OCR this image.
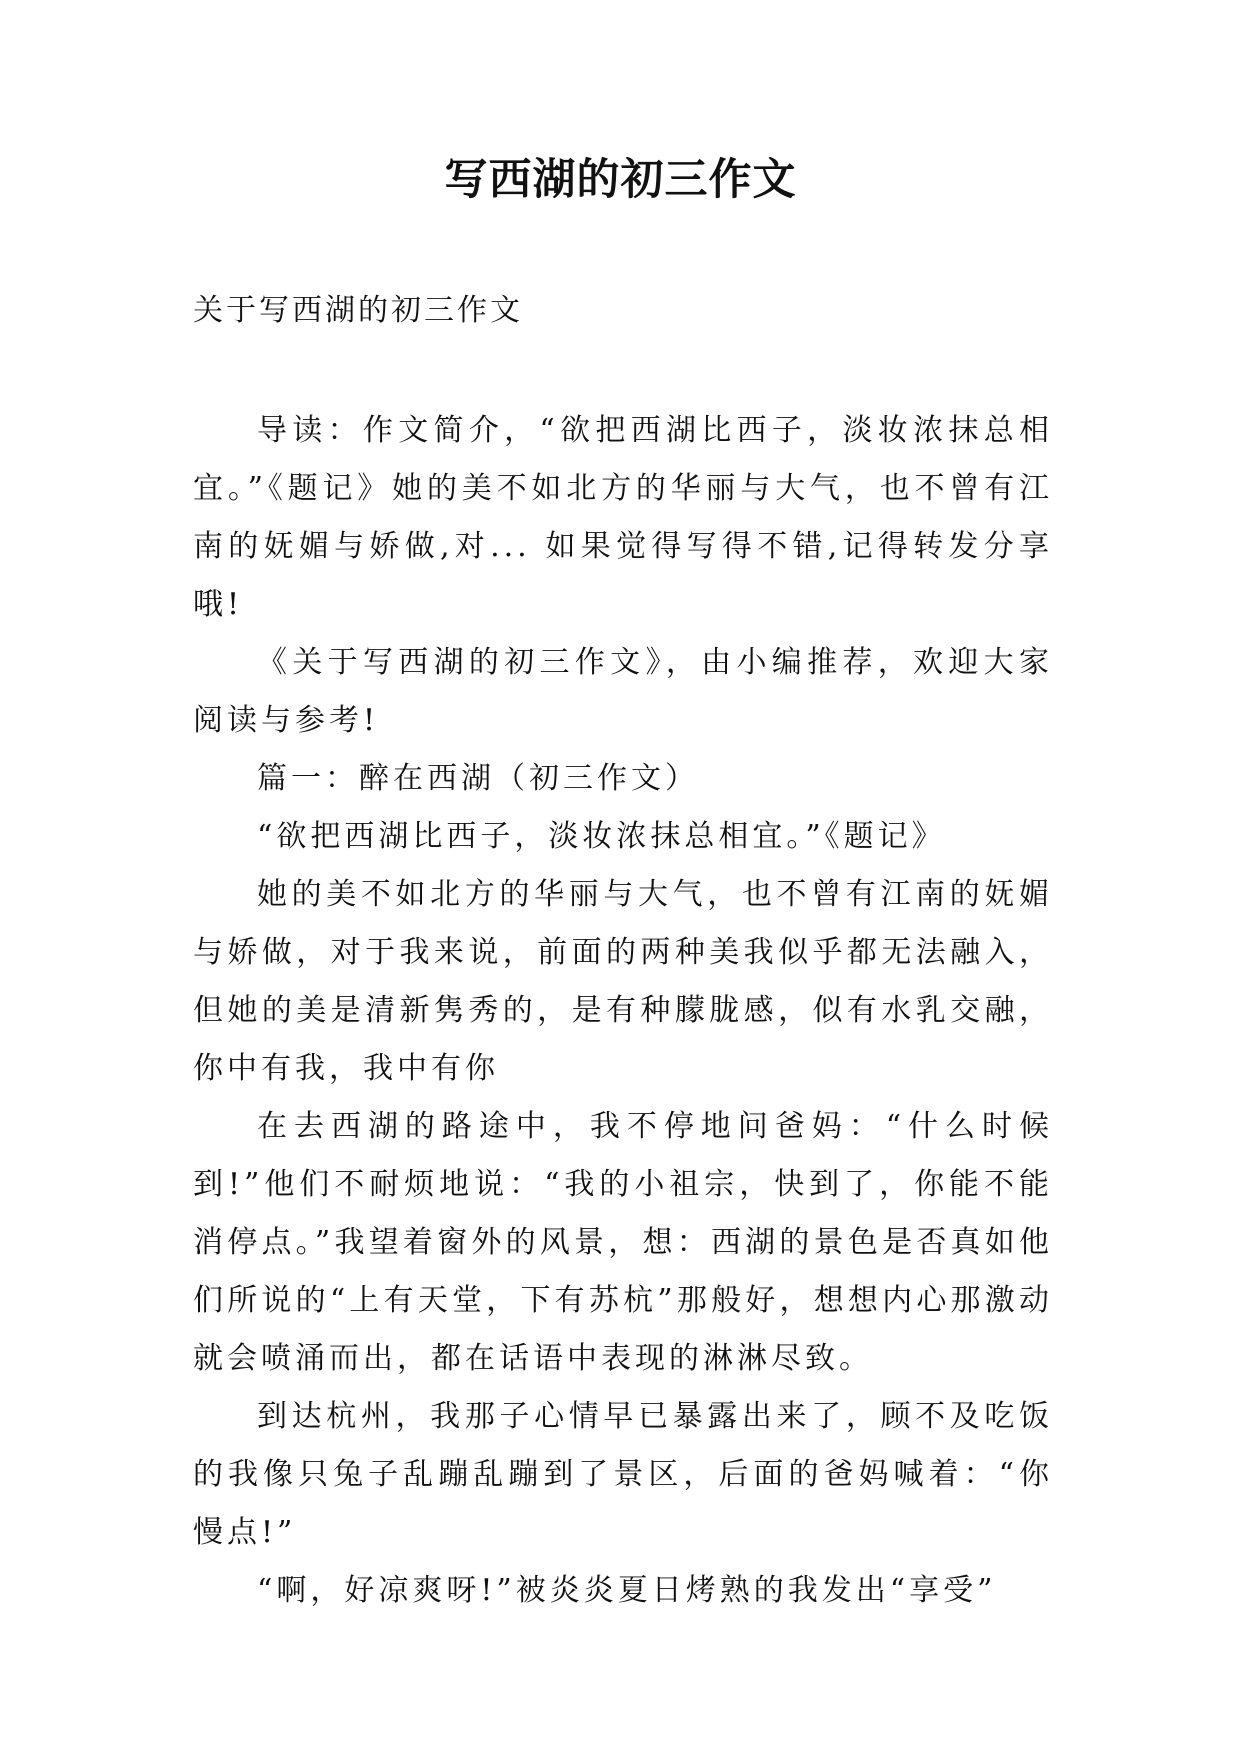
写西湖的初三作文
关于写西湖的初三作文

导读：作文简介，“欲把西湖比西子，淡妆浓抹总相宜。”《题记》她的美不如北方的华丽与大气，也不曾有江南的妩媚与娇做,对... 如果觉得写得不错,记得转发分享哦!

《关于写西湖的初三作文》，由小编推荐，欢迎大家阅读与参考!

篇一：醉在西湖（初三作文）

“欲把西湖比西子，淡妆浓抹总相宜。”《题记》

她的美不如北方的华丽与大气，也不曾有江南的妩媚与娇做，对于我来说，前面的两种美我似乎都无法融入，但她的美是清新隽秀的，是有种朦胧感，似有水乳交融，你中有我，我中有你

在去西湖的路途中，我不停地问爸妈：“什么时候到!”他们不耐烦地说：“我的小祖宗，快到了，你能不能消停点。”我望着窗外的风景，想：西湖的景色是否真如他们所说的“上有天堂，下有苏杭”那般好，想想内心那激动就会喷涌而出，都在话语中表现的淋淋尽致。

到达杭州，我那子心情早已暴露出来了，顾不及吃饭的我像只兔子乱蹦乱蹦到了景区，后面的爸妈喊着：“你慢点!”

“啊，好凉爽呀!”被炎炎夏日烤熟的我发出“享受”
